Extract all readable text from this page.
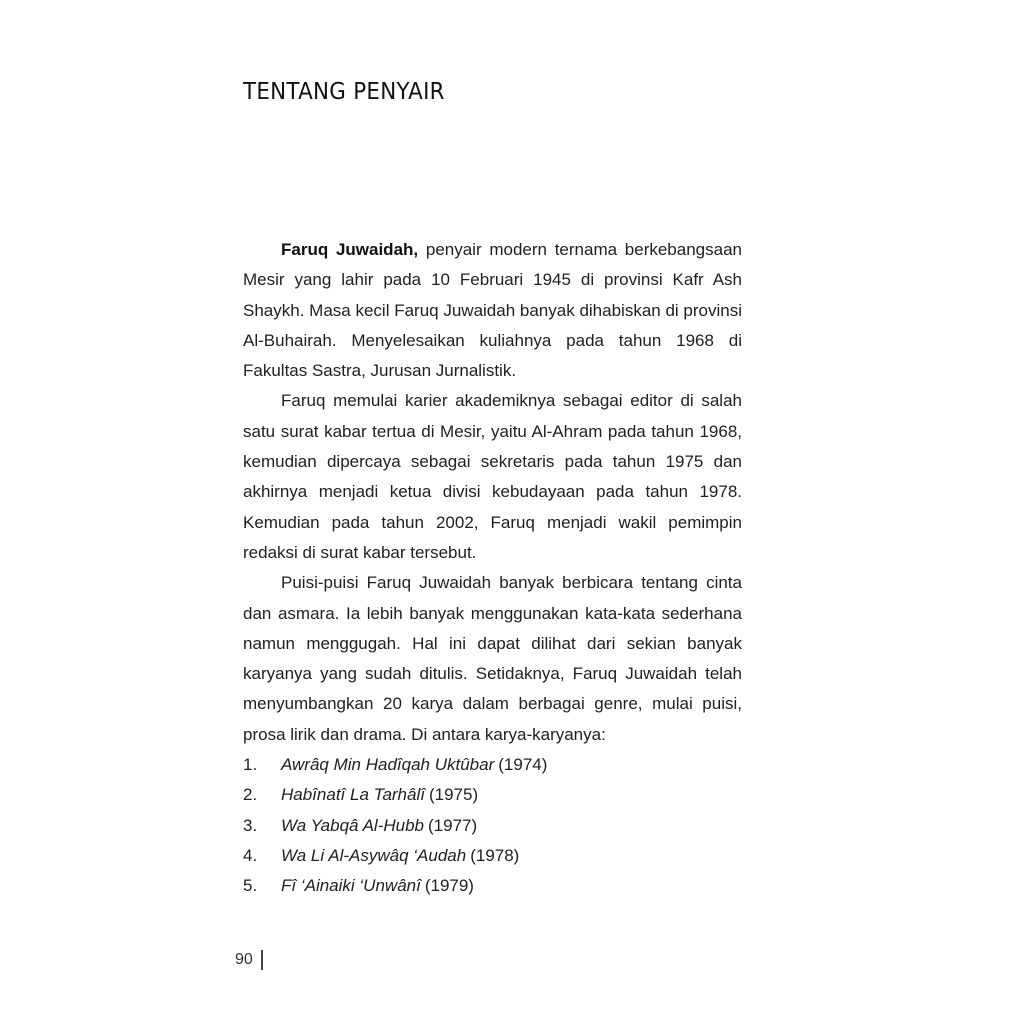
TENTANG PENYAIR

Faruq Juwaidah, penyair modern ternama berkebangsaan Mesir yang lahir pada 10 Februari 1945 di provinsi Kafr Ash Shaykh. Masa kecil Faruq Juwaidah banyak dihabiskan di provinsi Al-Buhairah. Menyelesaikan kuliahnya pada tahun 1968 di Fakultas Sastra, Jurusan Jurnalistik.

Faruq memulai karier akademiknya sebagai editor di salah satu surat kabar tertua di Mesir, yaitu Al-Ahram pada tahun 1968, kemudian dipercaya sebagai sekretaris pada tahun 1975 dan akhirnya menjadi ketua divisi kebudayaan pada tahun 1978. Kemudian pada tahun 2002, Faruq menjadi wakil pemimpin redaksi di surat kabar tersebut.

Puisi-puisi Faruq Juwaidah banyak berbicara tentang cinta dan asmara. Ia lebih banyak menggunakan kata-kata sederhana namun menggugah. Hal ini dapat dilihat dari sekian banyak karyanya yang sudah ditulis. Setidaknya, Faruq Juwaidah telah menyumbangkan 20 karya dalam berbagai genre, mulai puisi, prosa lirik dan drama. Di antara karya-karyanya:

1.	Awrâq Min Hadîqah Uktûbar (1974)
2.	Habînatî La Tarhâlî (1975)
3.	Wa Yabqâ Al-Hubb (1977)
4.	Wa Li Al-Asywâq ‘Audah (1978)
5.	Fî ‘Ainaiki ‘Unwânî (1979)
90
